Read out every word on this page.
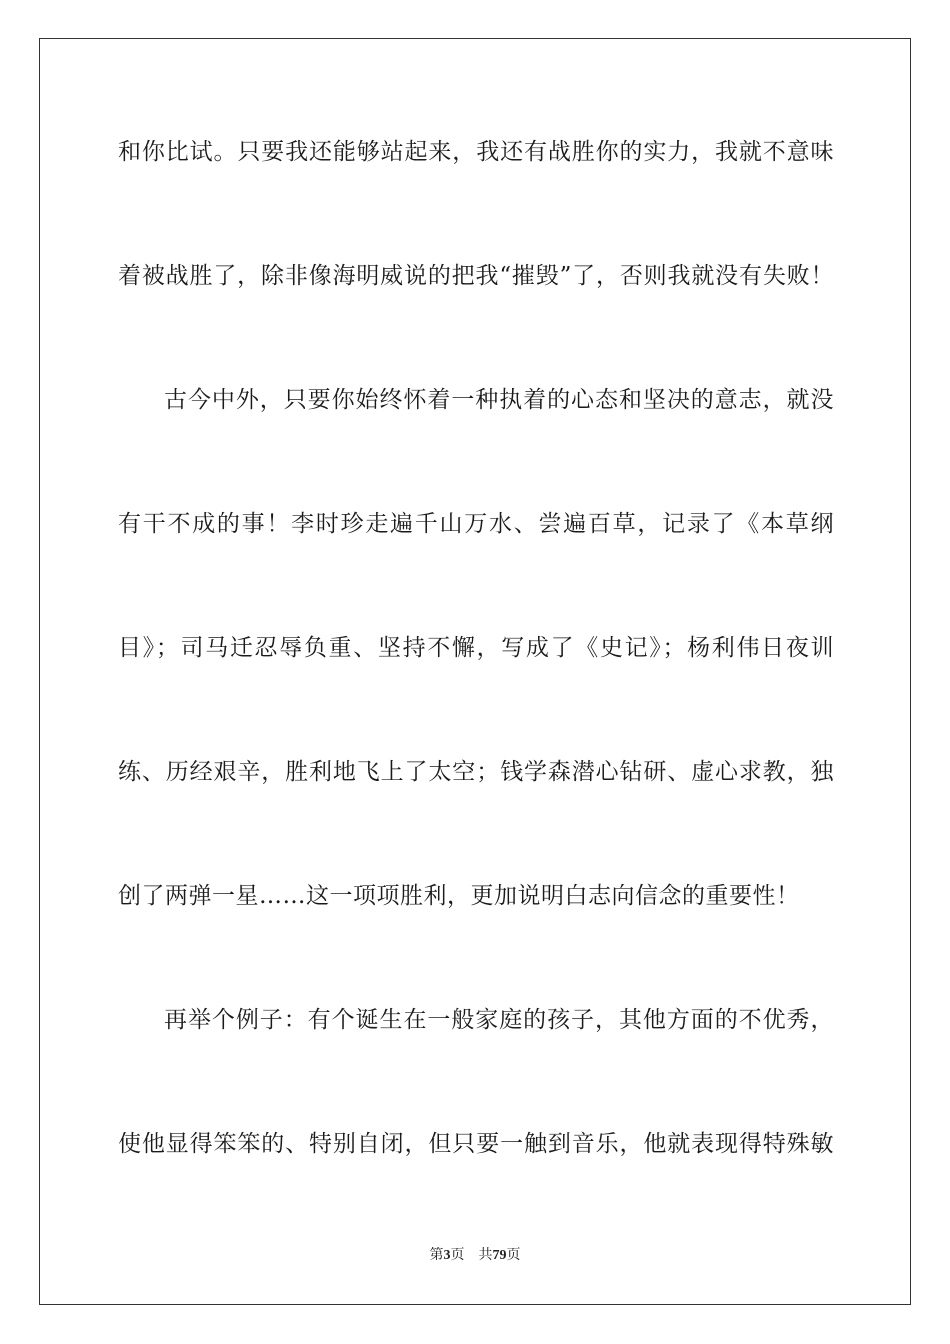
和你比试。只要我还能够站起来，我还有战胜你的实力，我就不意味
着被战胜了，除非像海明威说的把我“摧毁”了，否则我就没有失败！
古今中外，只要你始终怀着一种执着的心态和坚决的意志，就没
有干不成的事！李时珍走遍千山万水、尝遍百草，记录了《本草纲
目》；司马迁忍辱负重、坚持不懈，写成了《史记》；杨利伟日夜训
练、历经艰辛，胜利地飞上了太空；钱学森潜心钻研、虚心求教，独
创了两弹一星……这一项项胜利，更加说明白志向信念的重要性！
再举个例子：有个诞生在一般家庭的孩子，其他方面的不优秀，
使他显得笨笨的、特别自闭，但只要一触到音乐，他就表现得特殊敏
第3页 共79页
